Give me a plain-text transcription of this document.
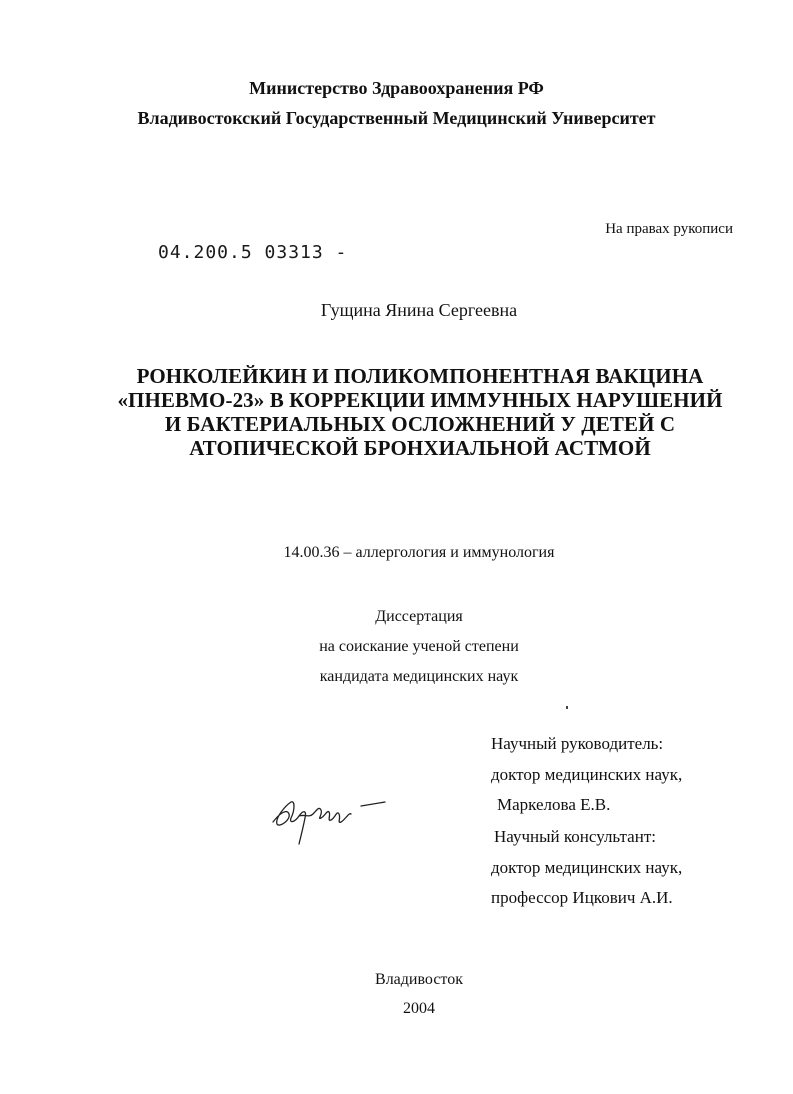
Министерство Здравоохранения РФ
Владивостокский Государственный Медицинский Университет
На правах рукописи
04.200.5 03313 -
Гущина Янина Сергеевна
РОНКОЛЕЙКИН И ПОЛИКОМПОНЕНТНАЯ ВАКЦИНА
«ПНЕВМО-23» В КОРРЕКЦИИ ИММУННЫХ НАРУШЕНИЙ
И БАКТЕРИАЛЬНЫХ ОСЛОЖНЕНИЙ У ДЕТЕЙ С
АТОПИЧЕСКОЙ БРОНХИАЛЬНОЙ АСТМОЙ
14.00.36 – аллергология и иммунология
Диссертация
на соискание ученой степени
кандидата медицинских наук
Научный руководитель:
доктор медицинских наук,
Маркелова Е.В.
Научный консультант:
доктор медицинских наук,
профессор Ицкович А.И.
Владивосток
2004
